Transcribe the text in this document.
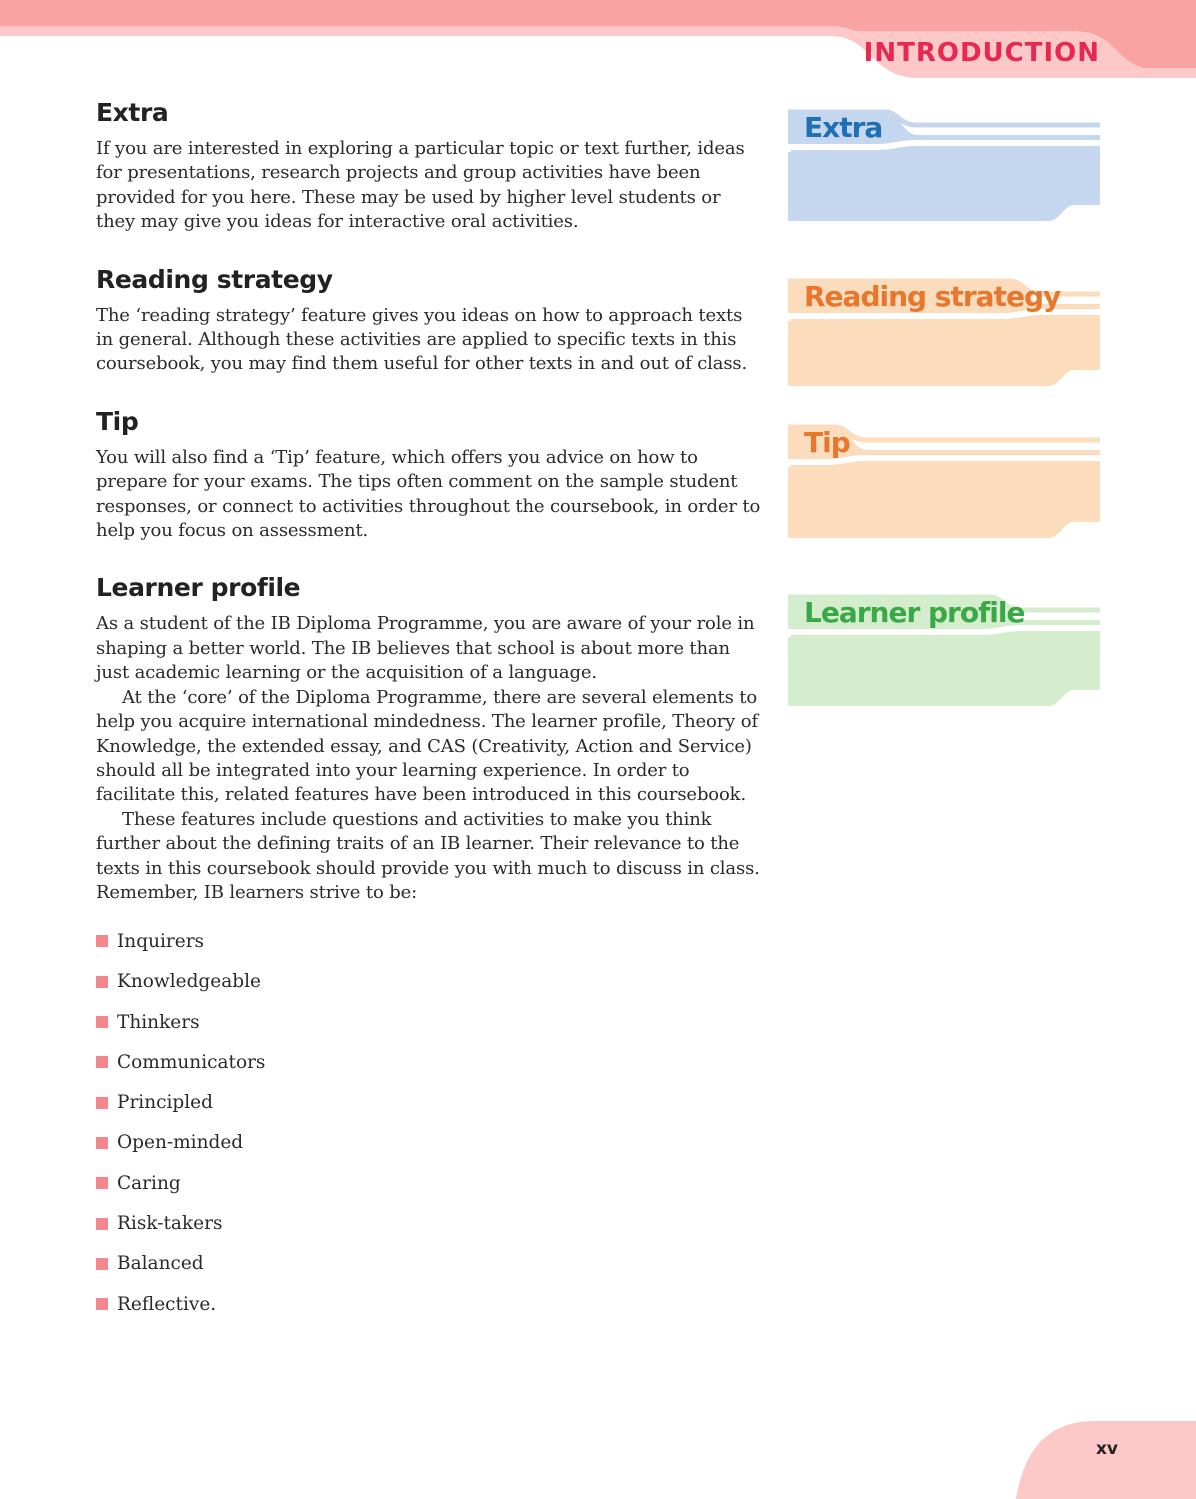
INTRODUCTION
Extra

If you are interested in exploring a particular topic or text further, ideas for presentations, research projects and group activities have been provided for you here. These may be used by higher level students or they may give you ideas for interactive oral activities.

Reading strategy

The ‘reading strategy’ feature gives you ideas on how to approach texts in general. Although these activities are applied to specific texts in this coursebook, you may find them useful for other texts in and out of class.

Tip

You will also find a ‘Tip’ feature, which offers you advice on how to prepare for your exams. The tips often comment on the sample student responses, or connect to activities throughout the coursebook, in order to help you focus on assessment.

Learner profile

As a student of the IB Diploma Programme, you are aware of your role in shaping a better world. The IB believes that school is about more than just academic learning or the acquisition of a language.

At the ‘core’ of the Diploma Programme, there are several elements to help you acquire international mindedness. The learner profile, Theory of Knowledge, the extended essay, and CAS (Creativity, Action and Service) should all be integrated into your learning experience. In order to facilitate this, related features have been introduced in this coursebook.

These features include questions and activities to make you think further about the defining traits of an IB learner. Their relevance to the texts in this coursebook should provide you with much to discuss in class. Remember, IB learners strive to be:

Inquirers
Knowledgeable
Thinkers
Communicators
Principled
Open-minded
Caring
Risk-takers
Balanced
Reflective.
Extra
Reading strategy
Tip
Learner profile
xv
